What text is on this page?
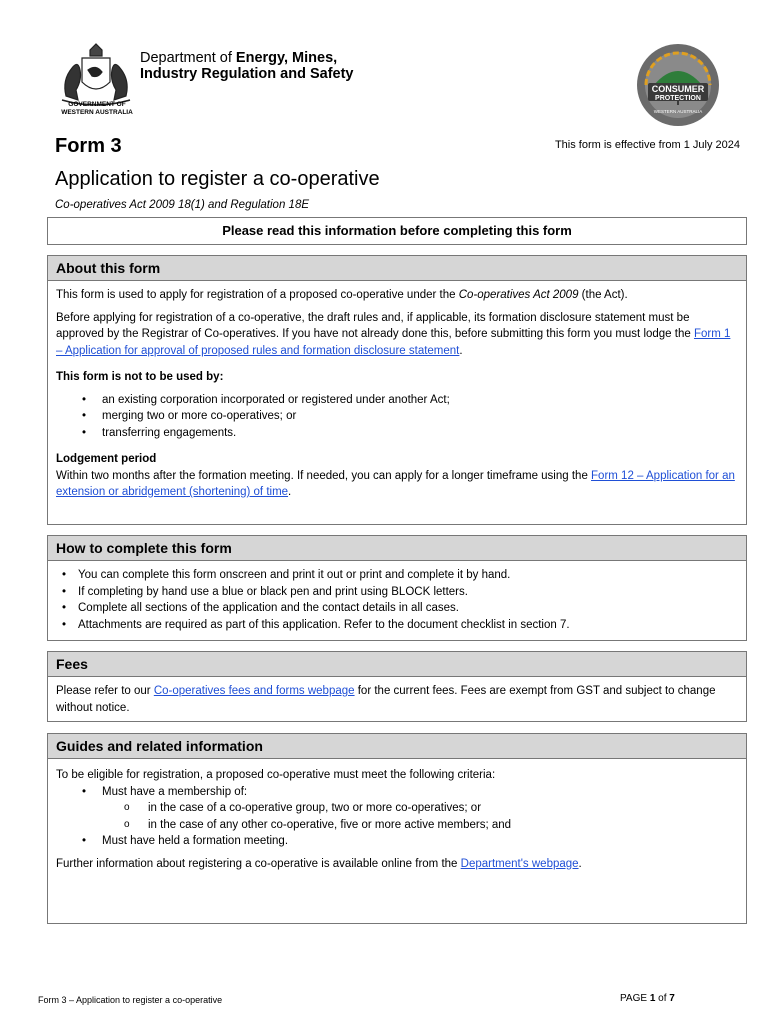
GOVERNMENT OF
WESTERN AUSTRALIA
Department of Energy, Mines,
Industry Regulation and Safety
CONSUMER
PROTECTION
WESTERN AUSTRALIA
Form 3	This form is effective from 1 July 2024
Application to register a co-operative
Co-operatives Act 2009 18(1) and Regulation 18E
Please read this information before completing this form
About this form

This form is used to apply for registration of a proposed co-operative under the Co-operatives Act 2009 (the Act).

Before applying for registration of a co-operative, the draft rules and, if applicable, its formation disclosure statement must be approved by the Registrar of Co-operatives. If you have not already done this, before submitting this form you must lodge the Form 1 – Application for approval of proposed rules and formation disclosure statement.

This form is not to be used by:

• an existing corporation incorporated or registered under another Act;
• merging two or more co-operatives; or
• transferring engagements.

Lodgement period

Within two months after the formation meeting. If needed, you can apply for a longer timeframe using the Form 12 – Application for an extension or abridgement (shortening) of time.

How to complete this form
• You can complete this form onscreen and print it out or print and complete it by hand.
• If completing by hand use a blue or black pen and print using BLOCK letters.
• Complete all sections of the application and the contact details in all cases.
• Attachments are required as part of this application. Refer to the document checklist in section 7.
Fees

Please refer to our Co-operatives fees and forms webpage for the current fees. Fees are exempt from GST and subject to change without notice.

Guides and related information

To be eligible for registration, a proposed co-operative must meet the following criteria:

• Must have a membership of:
o in the case of a co-operative group, two or more co-operatives; or
o in the case of any other co-operative, five or more active members; and
• Must have held a formation meeting.

Further information about registering a co-operative is available online from the Department's webpage.

Form 3 – Application to register a co-operative	PAGE 1 of 7
